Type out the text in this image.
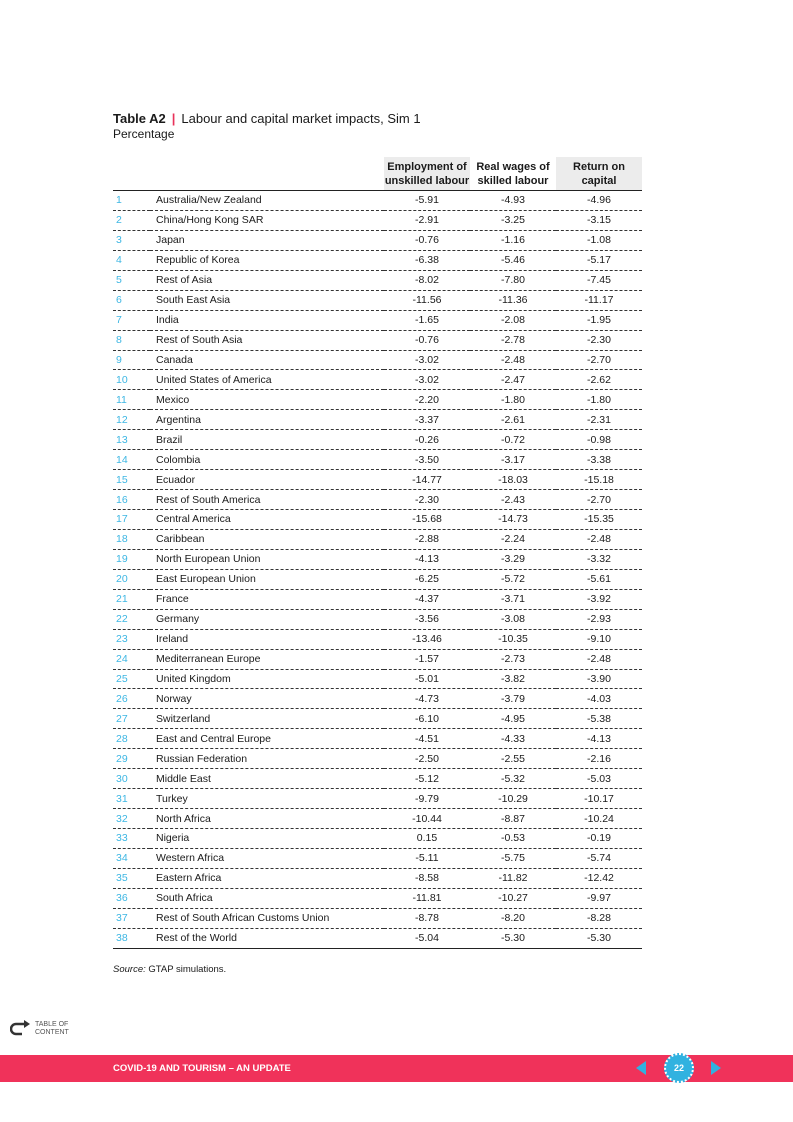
Table A2 | Labour and capital market impacts, Sim 1
Percentage
		Employment of unskilled labour	Real wages of skilled labour	Return on capital
1	Australia/New Zealand	-5.91	-4.93	-4.96
2	China/Hong Kong SAR	-2.91	-3.25	-3.15
3	Japan	-0.76	-1.16	-1.08
4	Republic of Korea	-6.38	-5.46	-5.17
5	Rest of Asia	-8.02	-7.80	-7.45
6	South East Asia	-11.56	-11.36	-11.17
7	India	-1.65	-2.08	-1.95
8	Rest of South Asia	-0.76	-2.78	-2.30
9	Canada	-3.02	-2.48	-2.70
10	United States of America	-3.02	-2.47	-2.62
11	Mexico	-2.20	-1.80	-1.80
12	Argentina	-3.37	-2.61	-2.31
13	Brazil	-0.26	-0.72	-0.98
14	Colombia	-3.50	-3.17	-3.38
15	Ecuador	-14.77	-18.03	-15.18
16	Rest of South America	-2.30	-2.43	-2.70
17	Central America	-15.68	-14.73	-15.35
18	Caribbean	-2.88	-2.24	-2.48
19	North European Union	-4.13	-3.29	-3.32
20	East European Union	-6.25	-5.72	-5.61
21	France	-4.37	-3.71	-3.92
22	Germany	-3.56	-3.08	-2.93
23	Ireland	-13.46	-10.35	-9.10
24	Mediterranean Europe	-1.57	-2.73	-2.48
25	United Kingdom	-5.01	-3.82	-3.90
26	Norway	-4.73	-3.79	-4.03
27	Switzerland	-6.10	-4.95	-5.38
28	East and Central Europe	-4.51	-4.33	-4.13
29	Russian Federation	-2.50	-2.55	-2.16
30	Middle East	-5.12	-5.32	-5.03
31	Turkey	-9.79	-10.29	-10.17
32	North Africa	-10.44	-8.87	-10.24
33	Nigeria	0.15	-0.53	-0.19
34	Western Africa	-5.11	-5.75	-5.74
35	Eastern Africa	-8.58	-11.82	-12.42
36	South Africa	-11.81	-10.27	-9.97
37	Rest of South African Customs Union	-8.78	-8.20	-8.28
38	Rest of the World	-5.04	-5.30	-5.30
Source: GTAP simulations.
TABLE OF
CONTENT
COVID-19 AND TOURISM – AN UPDATE	22
